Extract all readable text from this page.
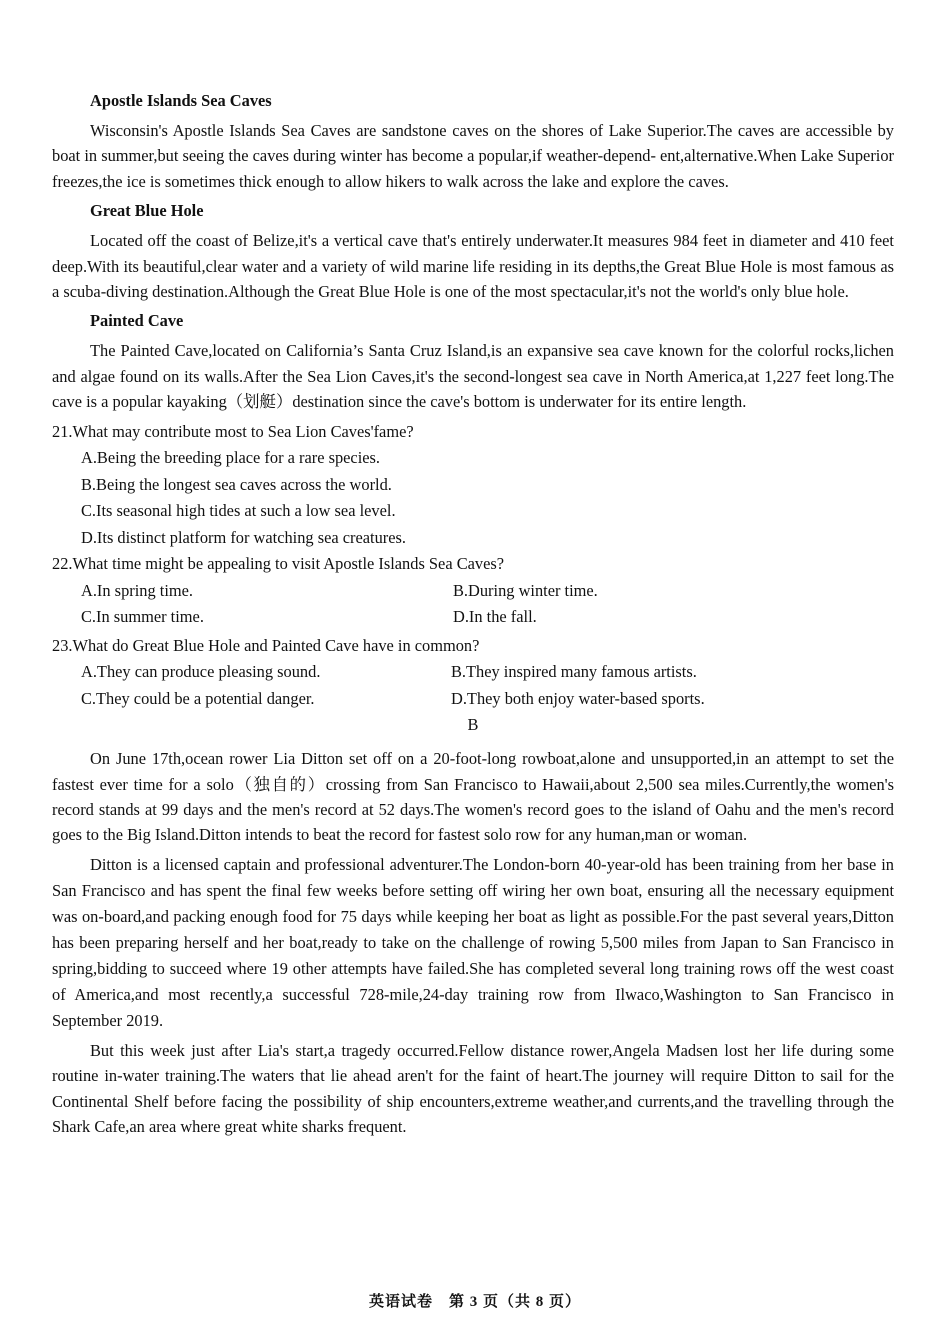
Apostle Islands Sea Caves

Wisconsin's Apostle Islands Sea Caves are sandstone caves on the shores of Lake Superior.The caves are accessible by boat in summer,but seeing the caves during winter has become a popular,if weather-depend- ent,alternative.When Lake Superior freezes,the ice is sometimes thick enough to allow hikers to walk across the lake and explore the caves.

Great Blue Hole

Located off the coast of Belize,it's a vertical cave that's entirely underwater.It measures 984 feet in diameter and 410 feet deep.With its beautiful,clear water and a variety of wild marine life residing in its depths,the Great Blue Hole is most famous as a scuba-diving destination.Although the Great Blue Hole is one of the most spectacular,it's not the world's only blue hole.

Painted Cave

The Painted Cave,located on California’s Santa Cruz Island,is an expansive sea cave known for the colorful rocks,lichen and algae found on its walls.After the Sea Lion Caves,it's the second-longest sea cave in North America,at 1,227 feet long.The cave is a popular kayaking（划艇）destination since the cave's bottom is underwater for its entire length.

21.What may contribute most to Sea Lion Caves'fame?

A.Being the breeding place for a rare species.

B.Being the longest sea caves across the world.

C.Its seasonal high tides at such a low sea level.

D.Its distinct platform for watching sea creatures.

22.What time might be appealing to visit Apostle Islands Sea Caves?

A.In spring time.	B.During winter time.
C.In summer time.	D.In the fall.

23.What do Great Blue Hole and Painted Cave have in common?

A.They can produce pleasing sound.	B.They inspired many famous artists.
C.They could be a potential danger.	D.They both enjoy water-based sports.

B

On June 17th,ocean rower Lia Ditton set off on a 20-foot-long rowboat,alone and unsupported,in an attempt to set the fastest ever time for a solo（独自的）crossing from San Francisco to Hawaii,about 2,500 sea miles.Currently,the women's record stands at 99 days and the men's record at 52 days.The women's record goes to the island of Oahu and the men's record goes to the Big Island.Ditton intends to beat the record for fastest solo row for any human,man or woman.

Ditton is a licensed captain and professional adventurer.The London-born 40-year-old has been training from her base in San Francisco and has spent the final few weeks before setting off wiring her own boat, ensuring all the necessary equipment was on-board,and packing enough food for 75 days while keeping her boat as light as possible.For the past several years,Ditton has been preparing herself and her boat,ready to take on the challenge of rowing 5,500 miles from Japan to San Francisco in spring,bidding to succeed where 19 other attempts have failed.She has completed several long training rows off the west coast of America,and most recently,a successful 728-mile,24-day training row from Ilwaco,Washington to San Francisco in September 2019.

But this week just after Lia's start,a tragedy occurred.Fellow distance rower,Angela Madsen lost her life during some routine in-water training.The waters that lie ahead aren't for the faint of heart.The journey will require Ditton to sail for the Continental Shelf before facing the possibility of ship encounters,extreme weather,and currents,and the travelling through the Shark Cafe,an area where great white sharks frequent.

英语试卷　第 3 页（共 8 页）
